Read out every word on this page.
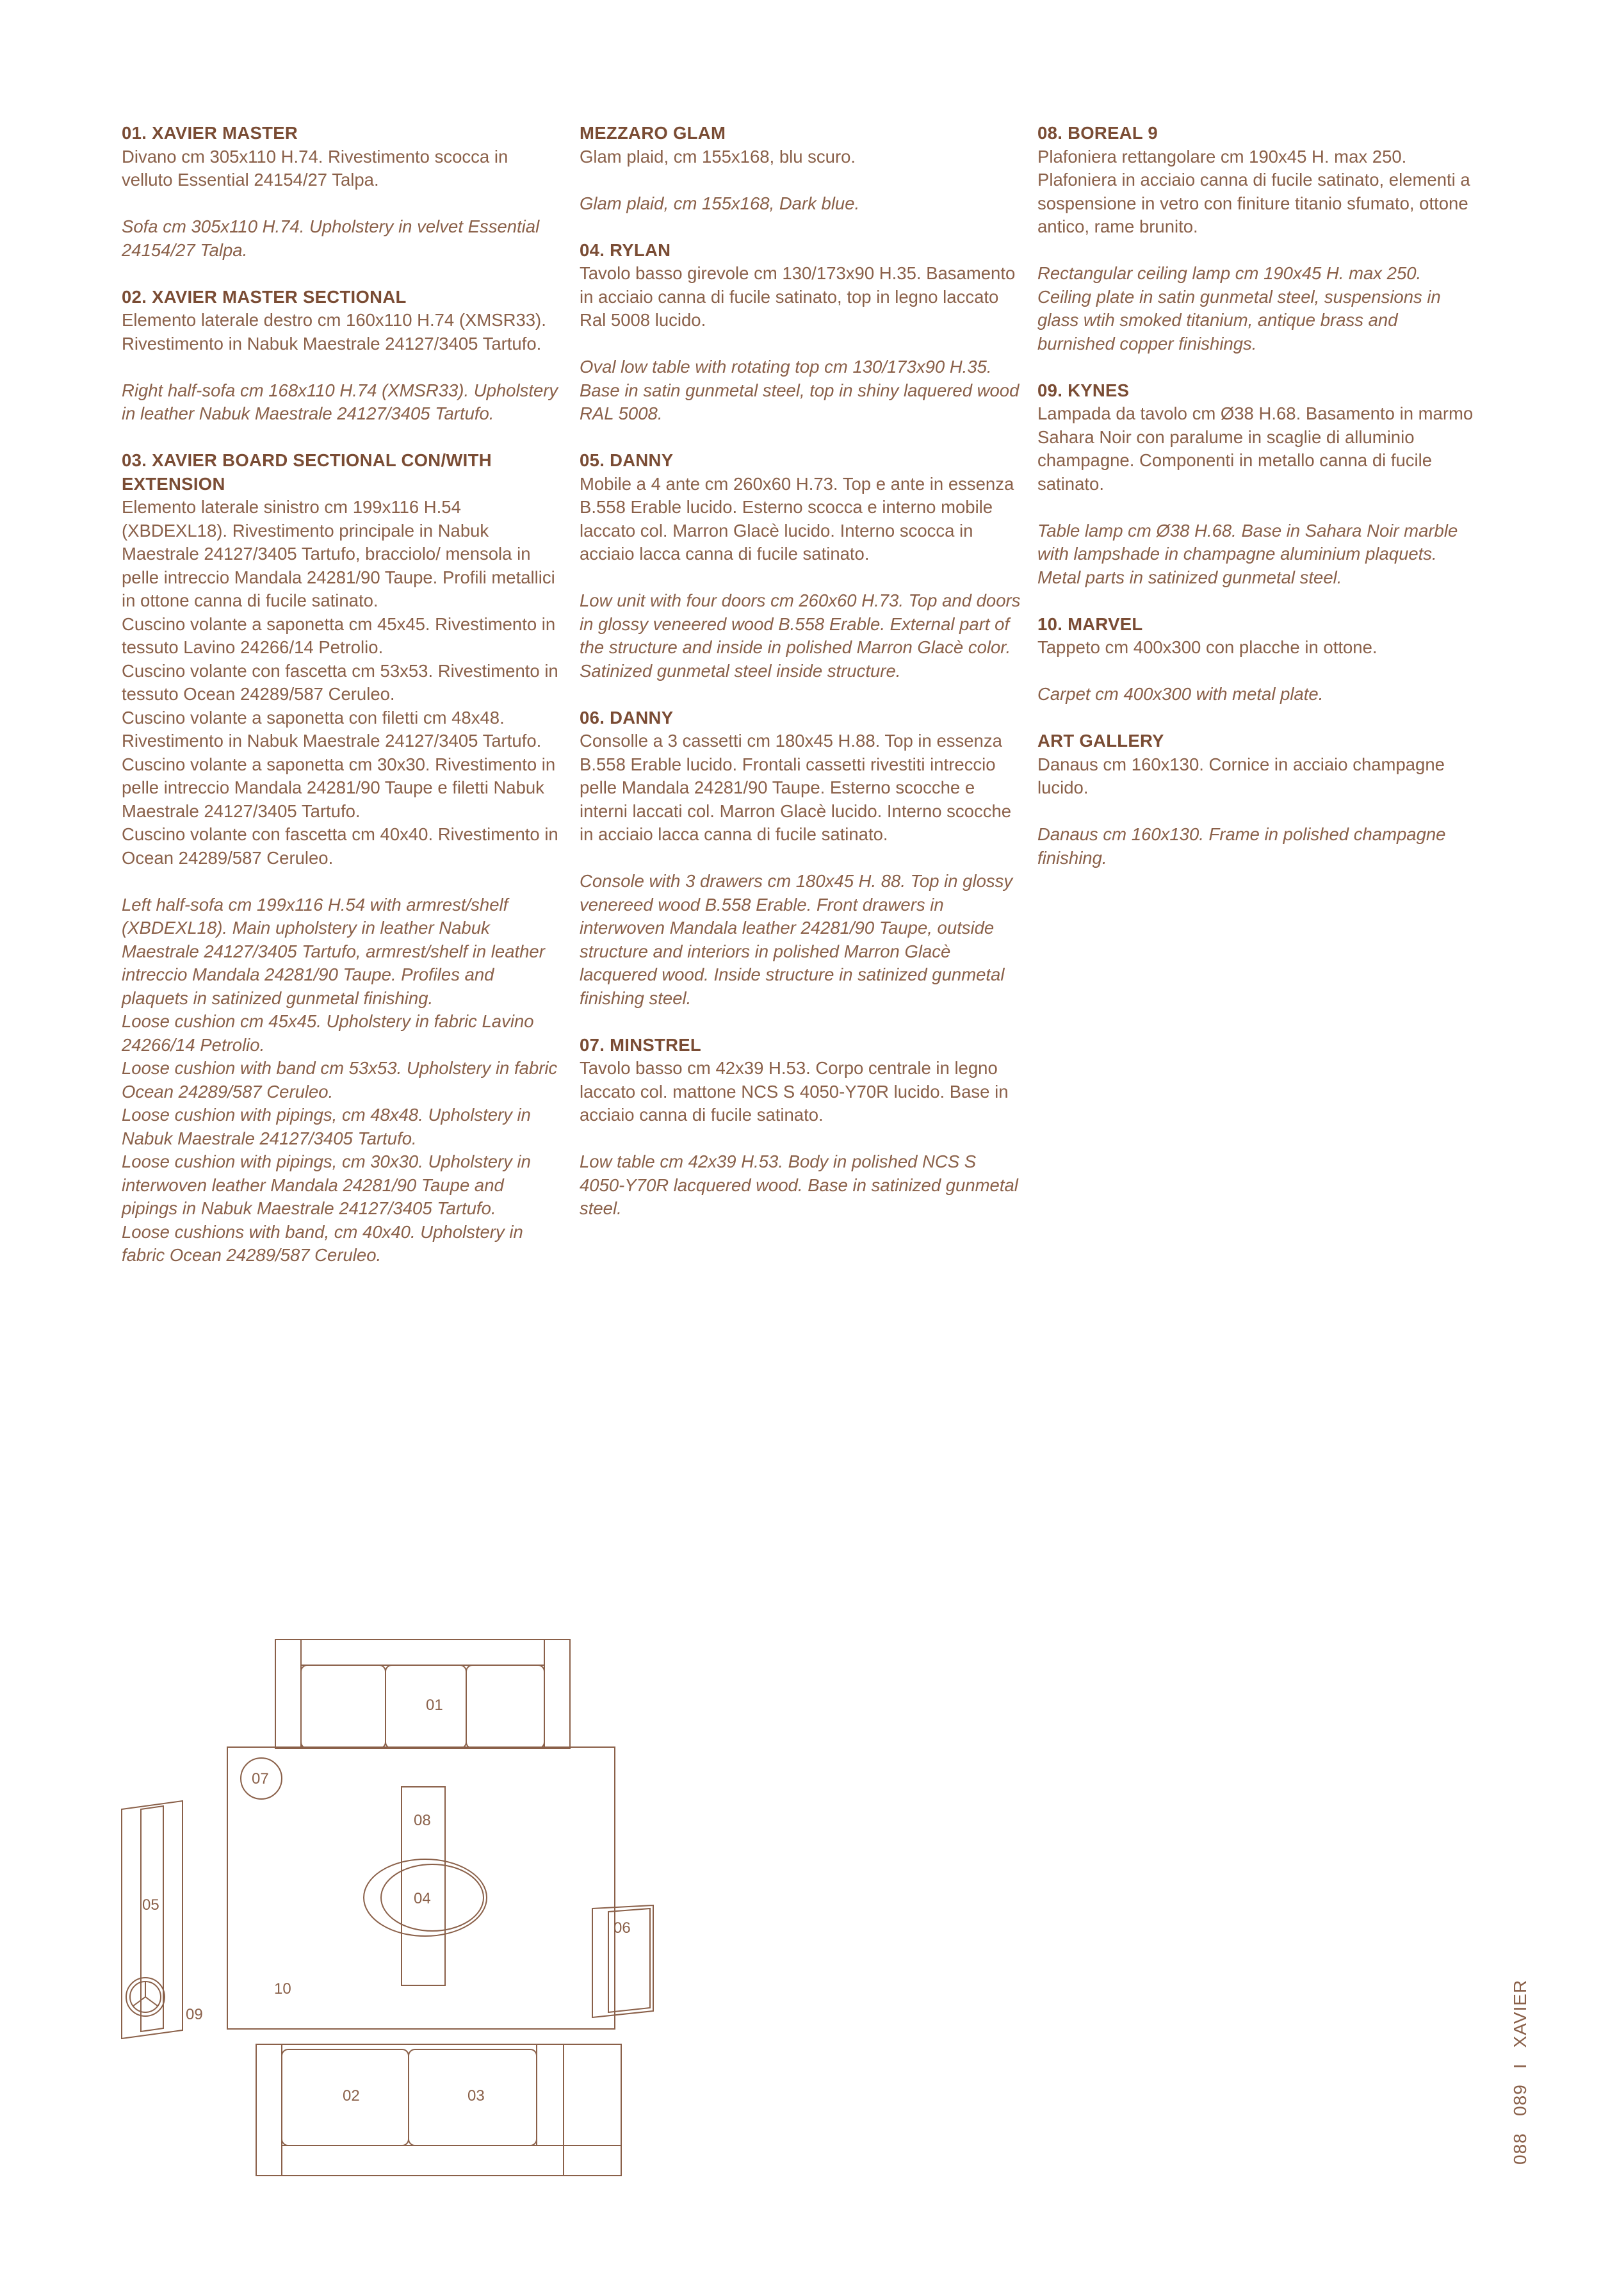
01. XAVIER MASTER

Divano cm 305x110 H.74. Rivestimento scocca in velluto Essential 24154/27 Talpa.

Sofa cm 305x110 H.74. Upholstery in velvet Essential 24154/27 Talpa.

02. XAVIER MASTER SECTIONAL

Elemento laterale destro cm 160x110 H.74 (XMSR33). Rivestimento in Nabuk Maestrale 24127/3405 Tartufo.

Right half-sofa cm 168x110 H.74 (XMSR33). Upholstery in leather Nabuk Maestrale 24127/3405 Tartufo.

03. XAVIER BOARD SECTIONAL CON/WITH EXTENSION

Elemento laterale sinistro cm 199x116 H.54 (XBDEXL18). Rivestimento principale in Nabuk Maestrale 24127/3405 Tartufo, bracciolo/ mensola in pelle intreccio Mandala 24281/90 Taupe. Profili metallici in ottone canna di fucile satinato.

Cuscino volante a saponetta cm 45x45. Rivestimento in tessuto Lavino 24266/14 Petrolio.
Cuscino volante con fascetta cm 53x53. Rivestimento in tessuto Ocean 24289/587 Ceruleo.
Cuscino volante a saponetta con filetti cm 48x48. Rivestimento in Nabuk Maestrale 24127/3405 Tartufo.
Cuscino volante a saponetta cm 30x30. Rivestimento in pelle intreccio Mandala 24281/90 Taupe e filetti Nabuk Maestrale 24127/3405 Tartufo.
Cuscino volante con fascetta cm 40x40. Rivestimento in Ocean 24289/587 Ceruleo.

Left half-sofa cm 199x116 H.54 with armrest/shelf (XBDEXL18). Main upholstery in leather Nabuk Maestrale 24127/3405 Tartufo, armrest/shelf in leather intreccio Mandala 24281/90 Taupe. Profiles and plaquets in satinized gunmetal finishing.

Loose cushion cm 45x45. Upholstery in fabric Lavino 24266/14 Petrolio.
Loose cushion with band cm 53x53. Upholstery in fabric Ocean 24289/587 Ceruleo.
Loose cushion with pipings, cm 48x48. Upholstery in Nabuk Maestrale 24127/3405 Tartufo.
Loose cushion with pipings, cm 30x30. Upholstery in interwoven leather Mandala 24281/90 Taupe and pipings in Nabuk Maestrale 24127/3405 Tartufo.
Loose cushions with band, cm 40x40. Upholstery in fabric Ocean 24289/587 Ceruleo.

MEZZARO GLAM

Glam plaid, cm 155x168, blu scuro.

Glam plaid, cm 155x168, Dark blue.

04. RYLAN

Tavolo basso girevole cm 130/173x90 H.35. Basamento in acciaio canna di fucile satinato, top in legno laccato Ral 5008 lucido.

Oval low table with rotating top cm 130/173x90 H.35. Base in satin gunmetal steel, top in shiny laquered wood RAL 5008.

05. DANNY

Mobile a 4 ante cm 260x60 H.73. Top e ante in essenza B.558 Erable lucido. Esterno scocca e interno mobile laccato col. Marron Glacè lucido. Interno scocca in acciaio lacca canna di fucile satinato.

Low unit with four doors cm 260x60 H.73. Top and doors in glossy veneered wood B.558 Erable. External part of the structure and inside in polished Marron Glacè color. Satinized gunmetal steel inside structure.

06. DANNY

Consolle a 3 cassetti cm 180x45 H.88. Top in essenza B.558 Erable lucido. Frontali cassetti rivestiti intreccio pelle Mandala 24281/90 Taupe. Esterno scocche e interni laccati col. Marron Glacè lucido. Interno scocche in acciaio lacca canna di fucile satinato.

Console with 3 drawers cm 180x45 H. 88. Top in glossy venereed wood B.558 Erable. Front drawers in interwoven Mandala leather 24281/90 Taupe, outside structure and interiors in polished Marron Glacè lacquered wood. Inside structure in satinized gunmetal finishing steel.

07. MINSTREL

Tavolo basso cm 42x39 H.53. Corpo centrale in legno laccato col. mattone NCS S 4050-Y70R lucido. Base in acciaio canna di fucile satinato.

Low table cm 42x39 H.53. Body in polished NCS S 4050-Y70R lacquered wood. Base in satinized gunmetal steel.

08. BOREAL 9

Plafoniera rettangolare cm 190x45 H. max 250. Plafoniera in acciaio canna di fucile satinato, elementi a sospensione in vetro con finiture titanio sfumato, ottone antico, rame brunito.

Rectangular ceiling lamp cm 190x45 H. max 250. Ceiling plate in satin gunmetal steel, suspensions in glass wtih smoked titanium, antique brass and burnished copper finishings.

09. KYNES

Lampada da tavolo cm Ø38 H.68. Basamento in marmo Sahara Noir con paralume in scaglie di alluminio champagne. Componenti in metallo canna di fucile satinato.

Table lamp cm Ø38 H.68. Base in Sahara Noir marble with lampshade in champagne aluminium plaquets. Metal parts in satinized gunmetal steel.

10. MARVEL

Tappeto cm 400x300 con placche in ottone.

Carpet cm 400x300 with metal plate.

ART GALLERY

Danaus cm 160x130. Cornice in acciaio champagne lucido.

Danaus cm 160x130. Frame in polished champagne finishing.

01
07
08
04
05
06
10
09
02	03	088   089IXAVIER
